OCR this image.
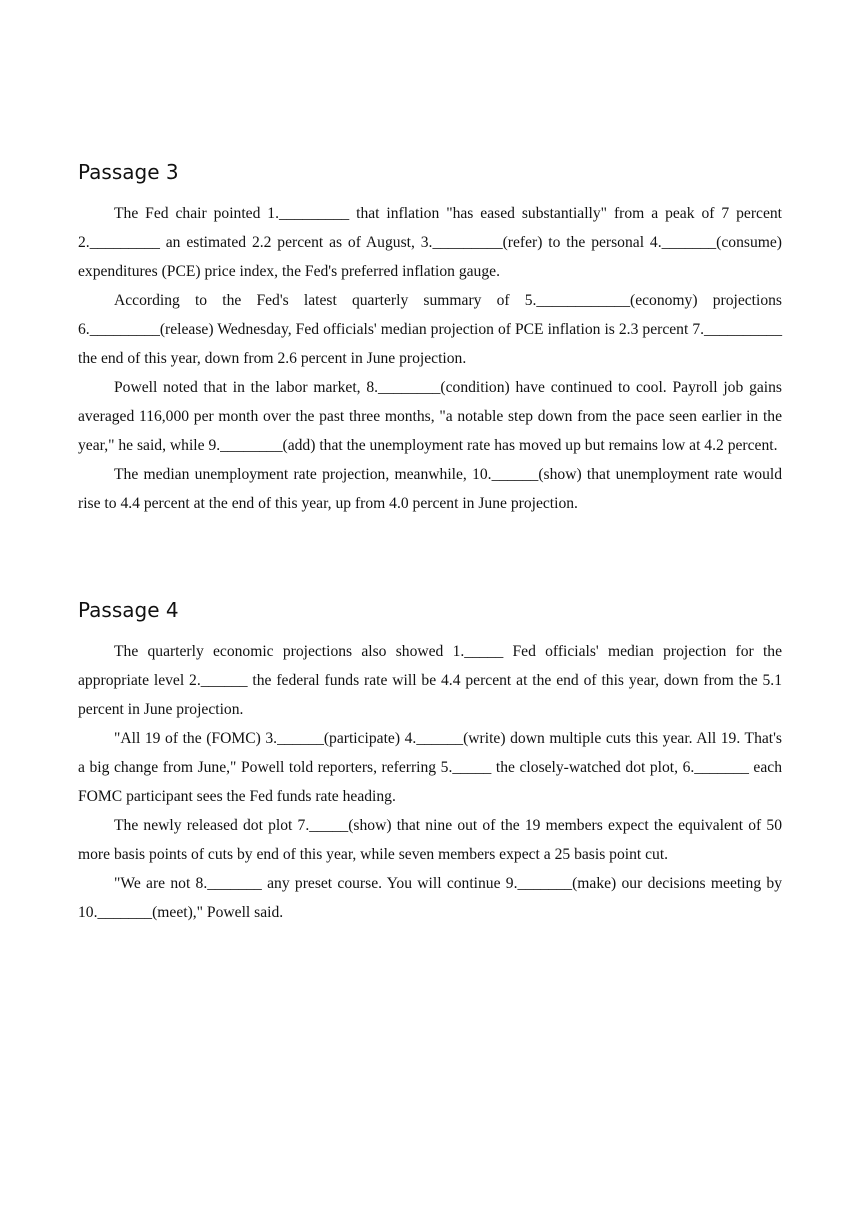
Passage 3

The Fed chair pointed 1._________ that inflation "has eased substantially" from a peak of 7 percent 2._________ an estimated 2.2 percent as of August, 3._________(refer) to the personal 4._______(consume) expenditures (PCE) price index, the Fed's preferred inflation gauge.

According to the Fed's latest quarterly summary of 5.____________(economy) projections 6._________(release) Wednesday, Fed officials' median projection of PCE inflation is 2.3 percent 7.__________ the end of this year, down from 2.6 percent in June projection.

Powell noted that in the labor market, 8.________(condition) have continued to cool. Payroll job gains averaged 116,000 per month over the past three months, "a notable step down from the pace seen earlier in the year," he said, while 9.________(add) that the unemployment rate has moved up but remains low at 4.2 percent.

The median unemployment rate projection, meanwhile, 10.______(show) that unemployment rate would rise to 4.4 percent at the end of this year, up from 4.0 percent in June projection.

Passage 4

The quarterly economic projections also showed 1._____ Fed officials' median projection for the appropriate level 2.______ the federal funds rate will be 4.4 percent at the end of this year, down from the 5.1 percent in June projection.

"All 19 of the (FOMC) 3.______(participate) 4.______(write) down multiple cuts this year. All 19. That's a big change from June," Powell told reporters, referring 5._____ the closely-watched dot plot, 6._______ each FOMC participant sees the Fed funds rate heading.

The newly released dot plot 7._____(show) that nine out of the 19 members expect the equivalent of 50 more basis points of cuts by end of this year, while seven members expect a 25 basis point cut.

"We are not 8._______ any preset course. You will continue 9._______(make) our decisions meeting by 10._______(meet)," Powell said.
